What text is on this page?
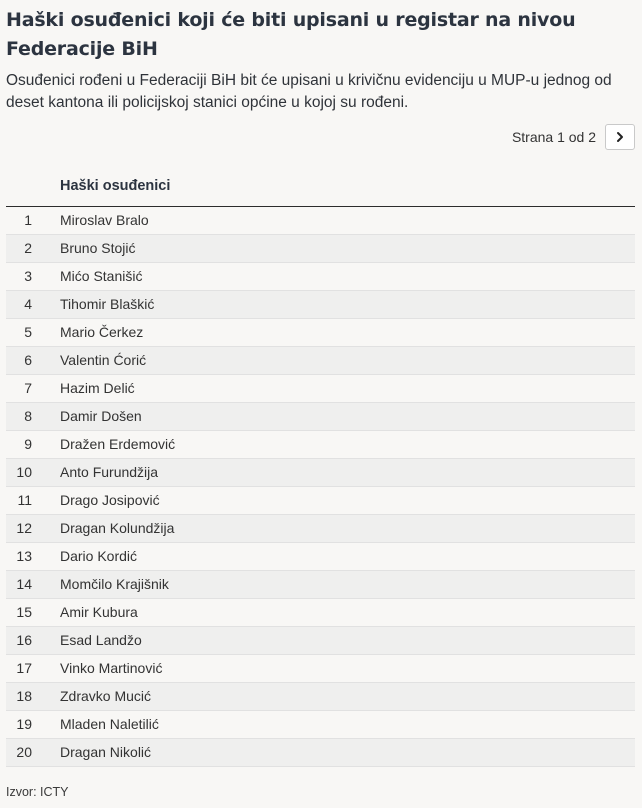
Haški osuđenici koji će biti upisani u registar na nivou Federacije BiH

Osuđenici rođeni u Federaciji BiH bit će upisani u krivičnu evidenciju u MUP-u jednog od deset kantona ili policijskoj stanici općine u kojoj su rođeni.

Strana 1 od 2
Haški osuđenici
1 Miroslav Bralo
2 Bruno Stojić
3 Mićo Stanišić
4 Tihomir Blaškić
5 Mario Čerkez
6 Valentin Ćorić
7 Hazim Delić
8 Damir Došen
9 Dražen Erdemović
10 Anto Furundžija
11 Drago Josipović
12 Dragan Kolundžija
13 Dario Kordić
14 Momčilo Krajišnik
15 Amir Kubura
16 Esad Landžo
17 Vinko Martinović
18 Zdravko Mucić
19 Mladen Naletilić
20 Dragan Nikolić
Izvor: ICTY
